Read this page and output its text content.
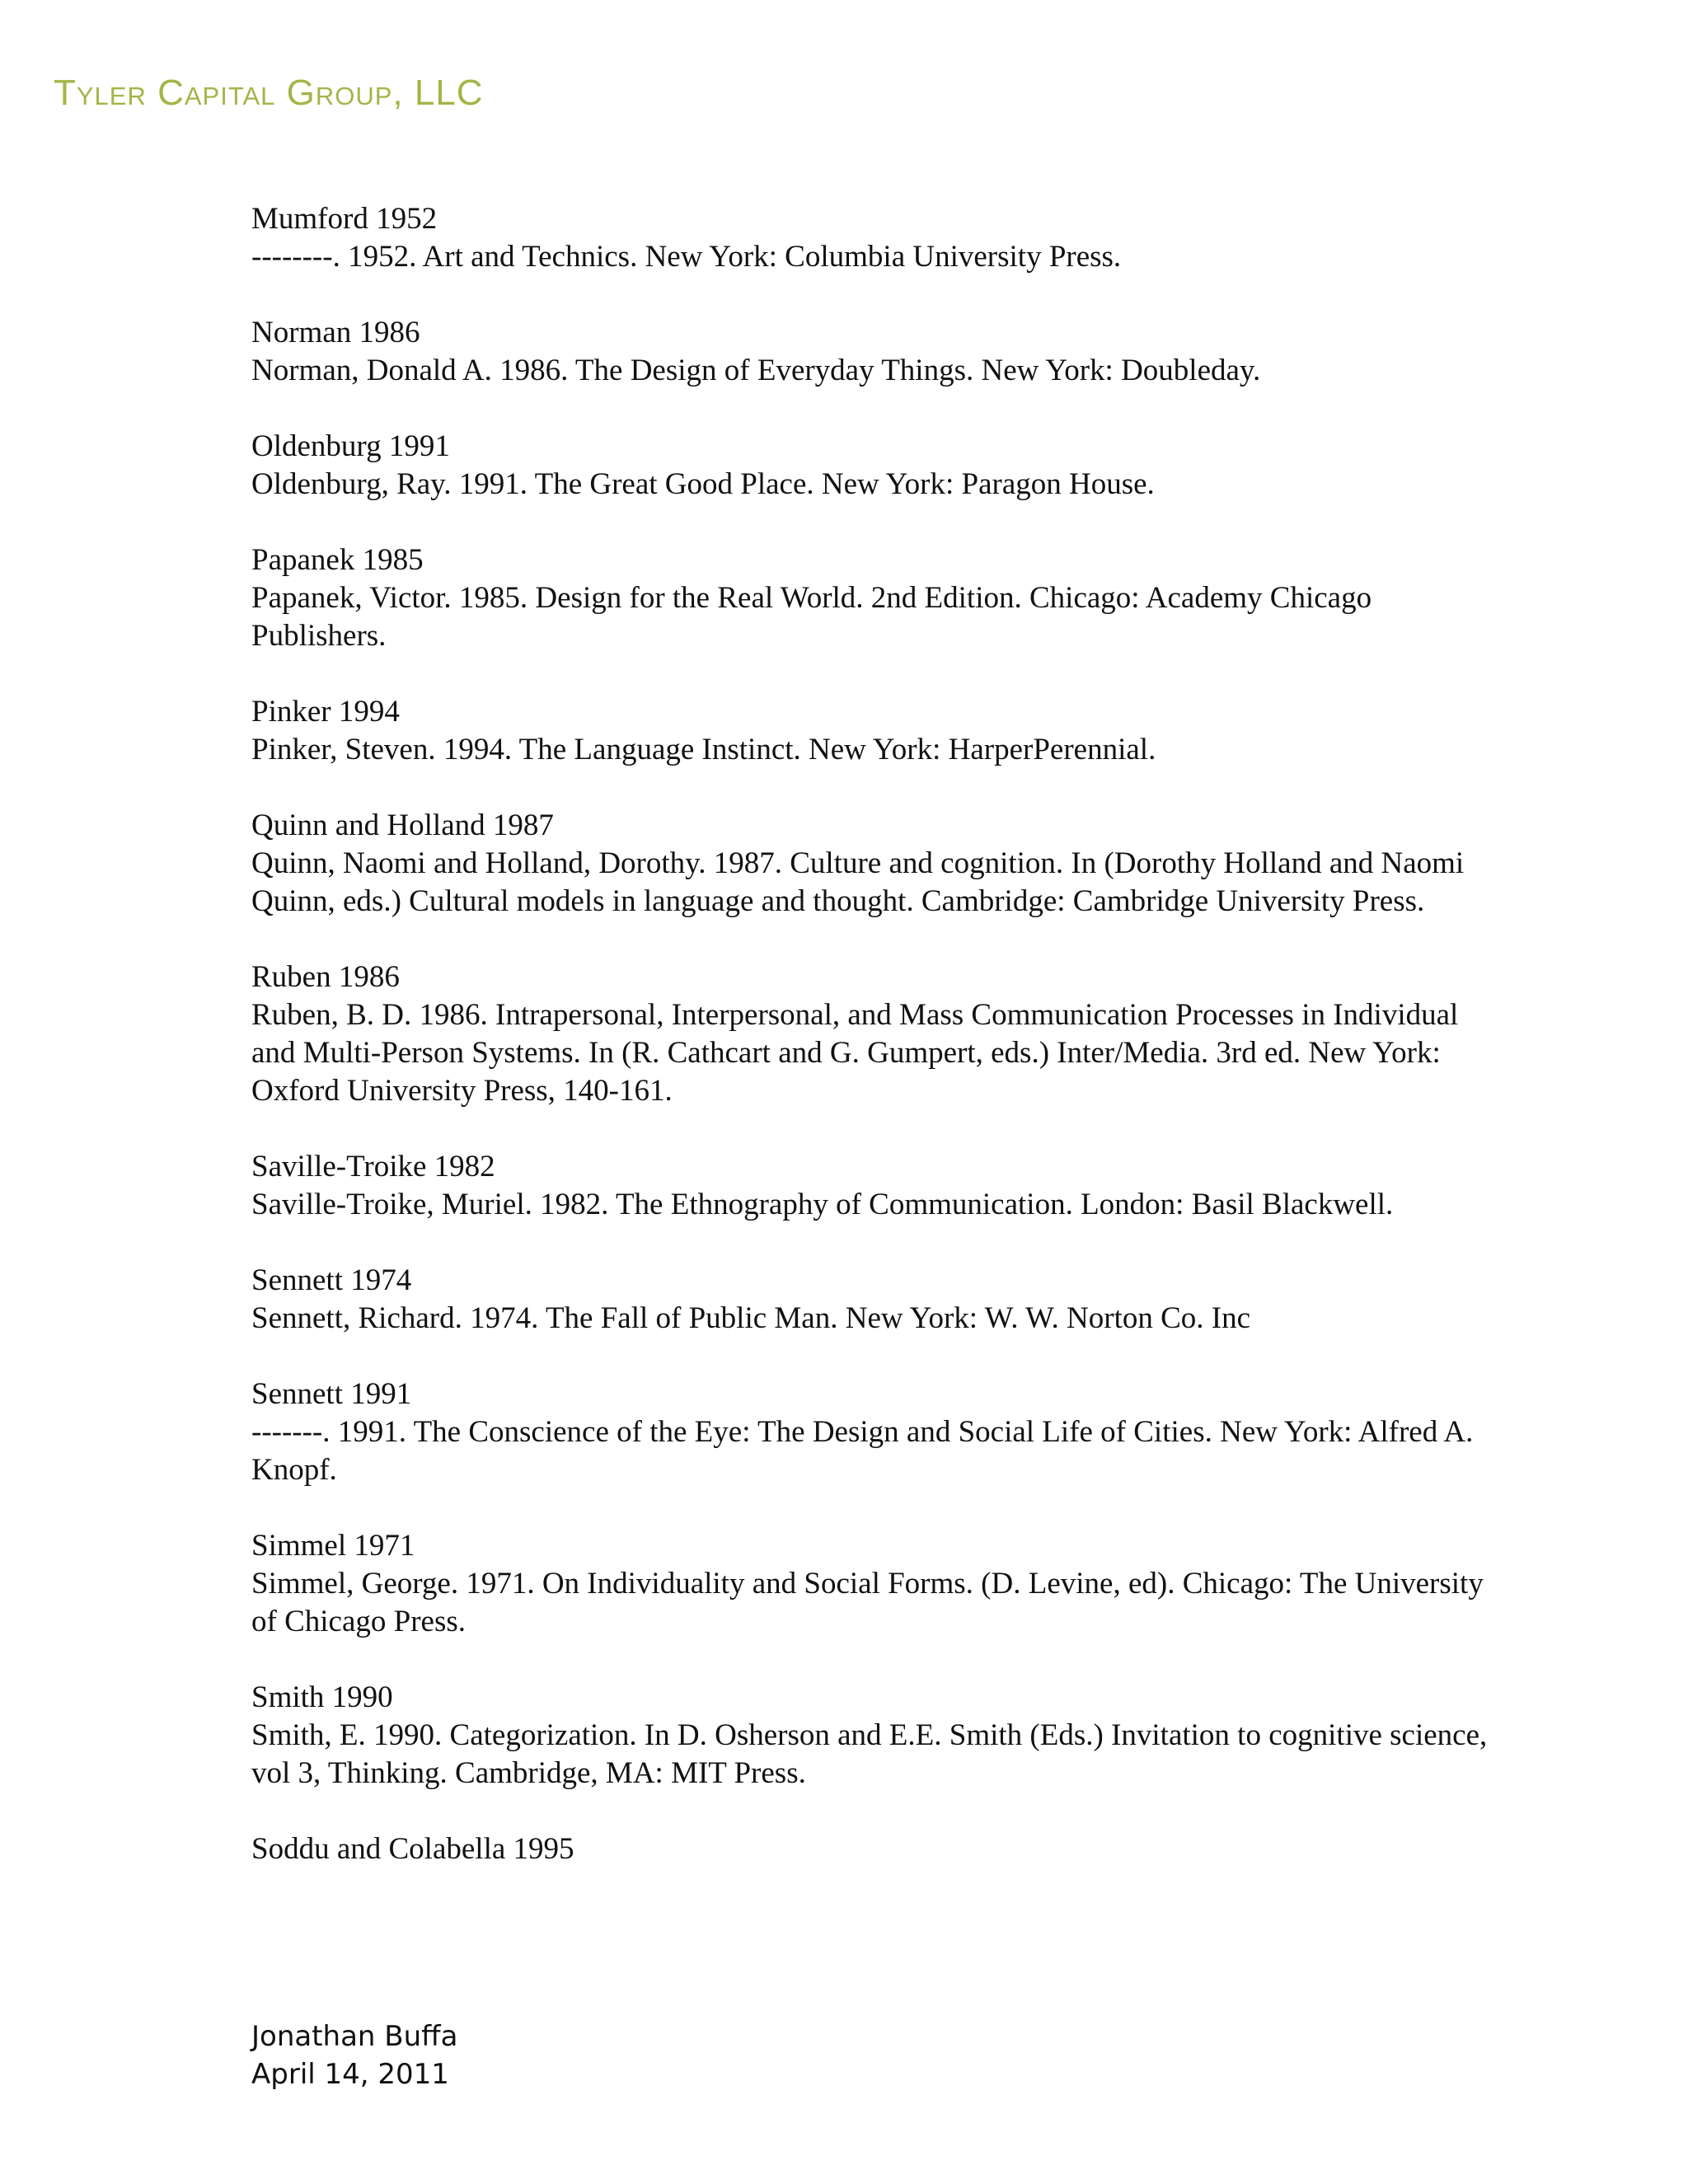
Tyler Capital Group, LLC
Mumford 1952
--------. 1952. Art and Technics. New York: Columbia University Press.
Norman 1986
Norman, Donald A. 1986. The Design of Everyday Things. New York: Doubleday.
Oldenburg 1991
Oldenburg, Ray. 1991. The Great Good Place. New York: Paragon House.
Papanek 1985
Papanek, Victor. 1985. Design for the Real World. 2nd Edition. Chicago: Academy Chicago Publishers.
Pinker 1994
Pinker, Steven. 1994. The Language Instinct. New York: HarperPerennial.
Quinn and Holland 1987
Quinn, Naomi and Holland, Dorothy. 1987. Culture and cognition. In (Dorothy Holland and Naomi Quinn, eds.) Cultural models in language and thought. Cambridge: Cambridge University Press.
Ruben 1986
Ruben, B. D. 1986. Intrapersonal, Interpersonal, and Mass Communication Processes in Individual and Multi-Person Systems. In (R. Cathcart and G. Gumpert, eds.) Inter/Media. 3rd ed. New York: Oxford University Press, 140-161.
Saville-Troike 1982
Saville-Troike, Muriel. 1982. The Ethnography of Communication. London: Basil Blackwell.
Sennett 1974
Sennett, Richard. 1974. The Fall of Public Man. New York: W. W. Norton Co. Inc
Sennett 1991
-------. 1991. The Conscience of the Eye: The Design and Social Life of Cities. New York: Alfred A. Knopf.
Simmel 1971
Simmel, George. 1971. On Individuality and Social Forms. (D. Levine, ed). Chicago: The University of Chicago Press.
Smith 1990
Smith, E. 1990. Categorization. In D. Osherson and E.E. Smith (Eds.) Invitation to cognitive science, vol 3, Thinking. Cambridge, MA: MIT Press.
Soddu and Colabella 1995
Jonathan Buffa
April 14, 2011
